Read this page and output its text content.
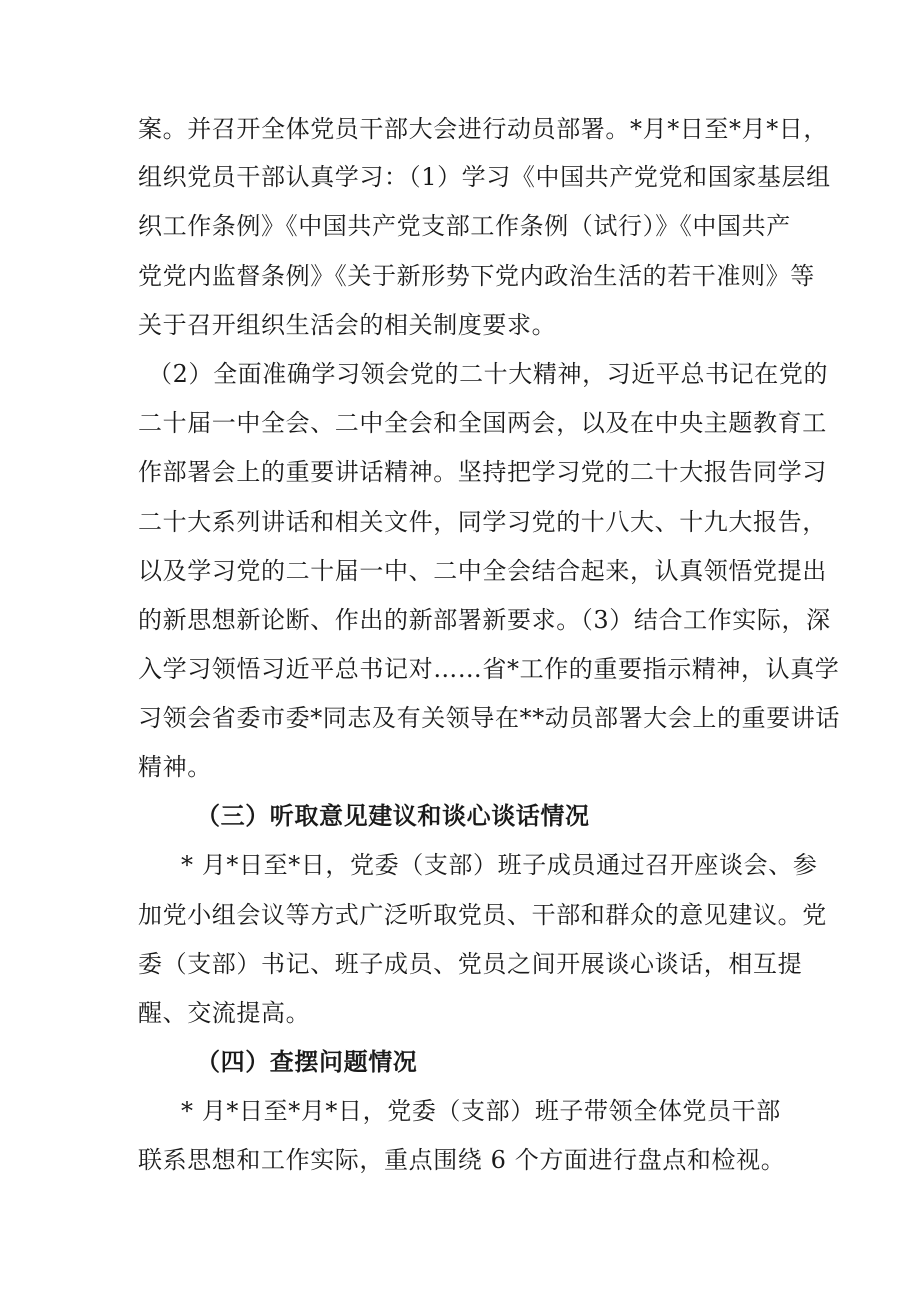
案。并召开全体党员干部大会进行动员部署。*月*日至*月*日，
组织党员干部认真学习：（1）学习《中国共产党党和国家基层组
织工作条例》《中国共产党支部工作条例（试行）》《中国共产
党党内监督条例》《关于新形势下党内政治生活的若干准则》等
关于召开组织生活会的相关制度要求。
（2）全面准确学习领会党的二十大精神，习近平总书记在党的
二十届一中全会、二中全会和全国两会，以及在中央主题教育工
作部署会上的重要讲话精神。坚持把学习党的二十大报告同学习
二十大系列讲话和相关文件，同学习党的十八大、十九大报告，
以及学习党的二十届一中、二中全会结合起来，认真领悟党提出
的新思想新论断、作出的新部署新要求。（3）结合工作实际，深
入学习领悟习近平总书记对……省*工作的重要指示精神，认真学
习领会省委市委*同志及有关领导在**动员部署大会上的重要讲话
精神。
（三）听取意见建议和谈心谈话情况
* 月*日至*日，党委（支部）班子成员通过召开座谈会、参
加党小组会议等方式广泛听取党员、干部和群众的意见建议。党
委（支部）书记、班子成员、党员之间开展谈心谈话，相互提
醒、交流提高。
（四）查摆问题情况
* 月*日至*月*日，党委（支部）班子带领全体党员干部
联系思想和工作实际，重点围绕 6 个方面进行盘点和检视。
